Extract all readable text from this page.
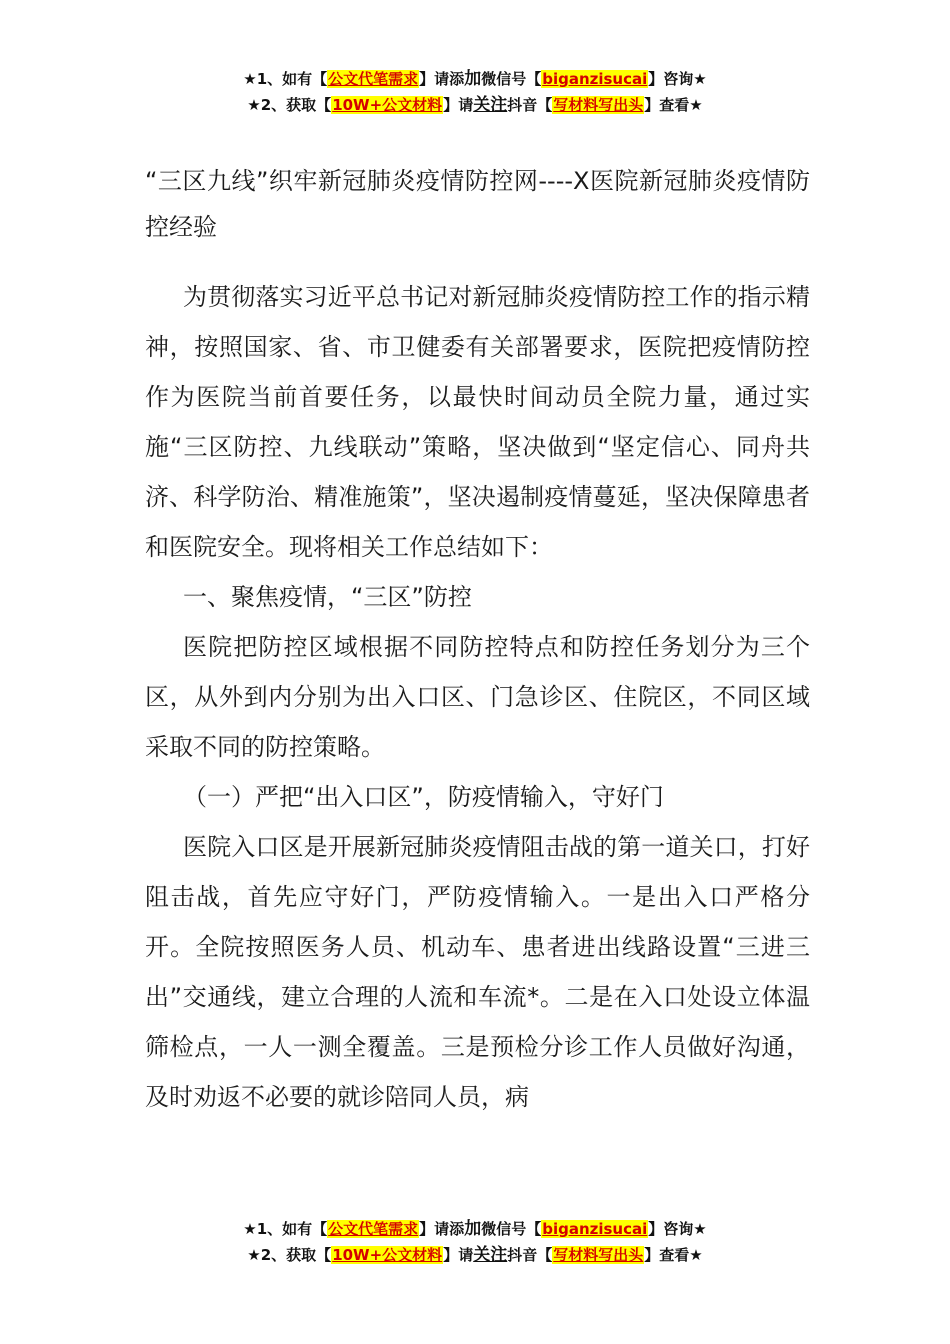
★1、如有【公文代笔需求】请添加微信号【biganzisucai】咨询★
★2、获取【10W+公文材料】请关注抖音【写材料写出头】查看★

“三区九线”织牢新冠肺炎疫情防控网----X医院新冠肺炎疫情防控经验

为贯彻落实习近平总书记对新冠肺炎疫情防控工作的指示精神，按照国家、省、市卫健委有关部署要求，医院把疫情防控作为医院当前首要任务，以最快时间动员全院力量，通过实施“三区防控、九线联动”策略，坚决做到“坚定信心、同舟共济、科学防治、精准施策”，坚决遏制疫情蔓延，坚决保障患者和医院安全。现将相关工作总结如下：

一、聚焦疫情，“三区”防控

医院把防控区域根据不同防控特点和防控任务划分为三个区，从外到内分别为出入口区、门急诊区、住院区，不同区域采取不同的防控策略。

（一）严把“出入口区”，防疫情输入，守好门

医院入口区是开展新冠肺炎疫情阻击战的第一道关口，打好阻击战，首先应守好门，严防疫情输入。一是出入口严格分开。全院按照医务人员、机动车、患者进出线路设置“三进三出”交通线，建立合理的人流和车流*。二是在入口处设立体温筛检点，一人一测全覆盖。三是预检分诊工作人员做好沟通，及时劝返不必要的就诊陪同人员，病

★1、如有【公文代笔需求】请添加微信号【biganzisucai】咨询★
★2、获取【10W+公文材料】请关注抖音【写材料写出头】查看★
